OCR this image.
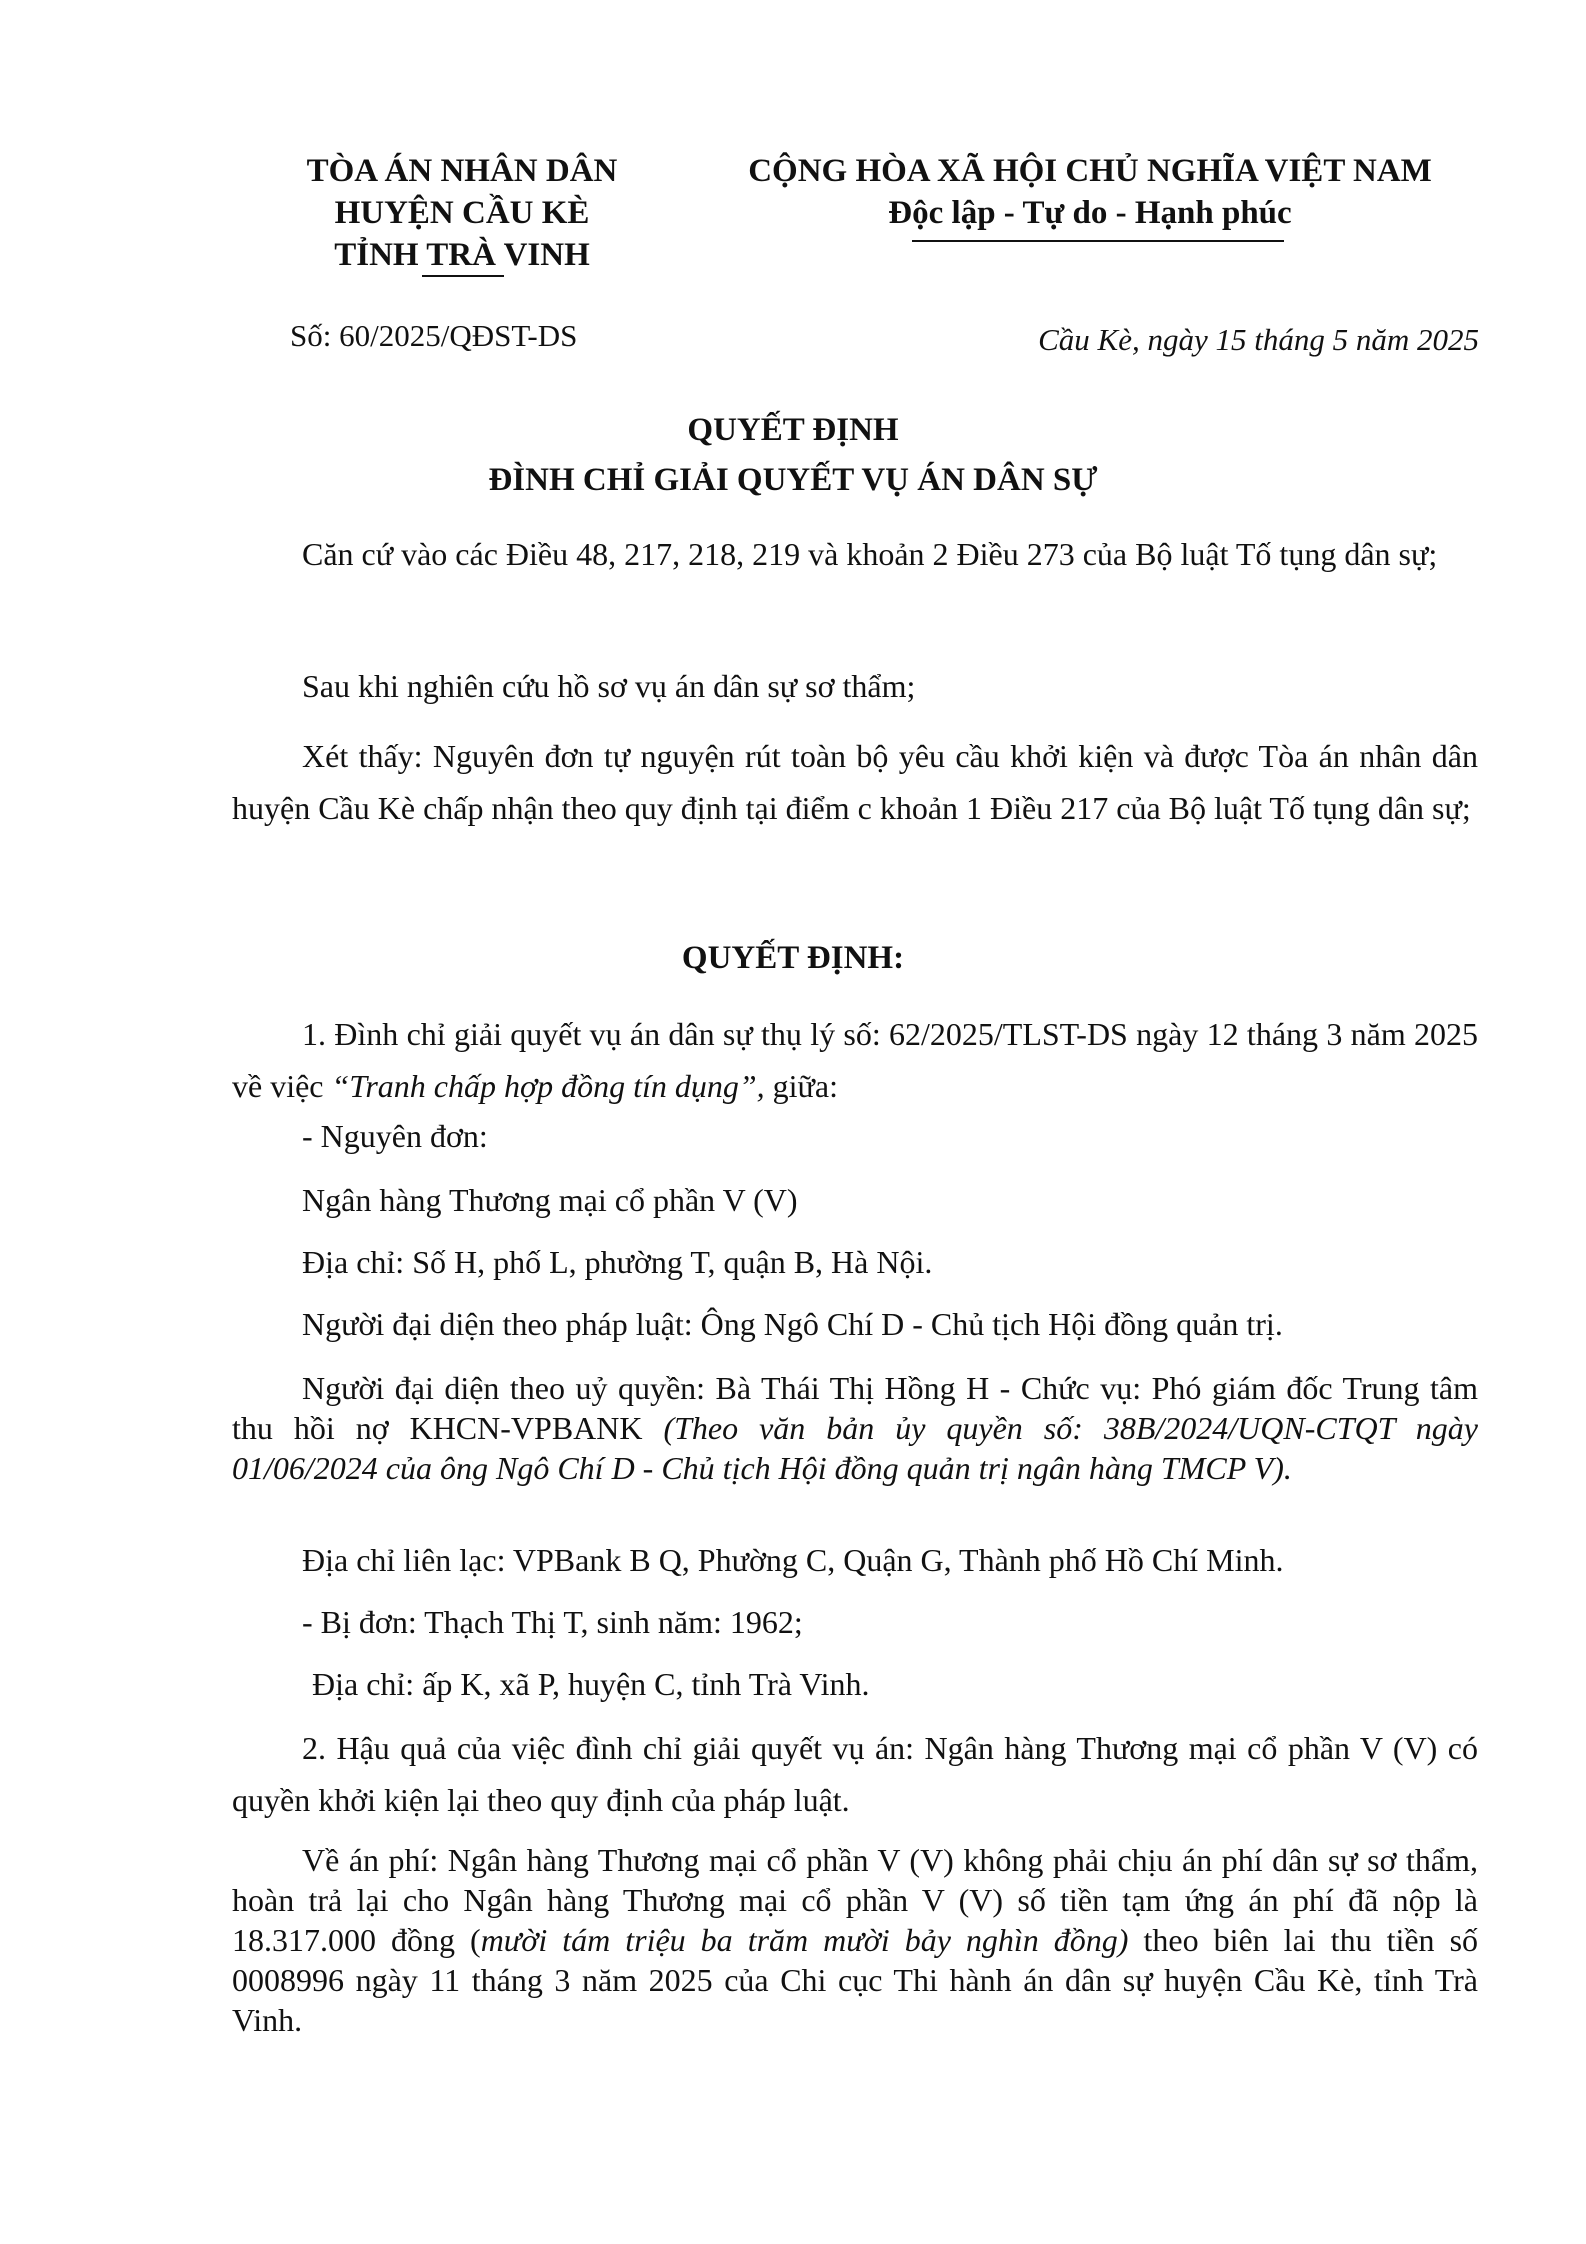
TÒA ÁN NHÂN DÂN
HUYỆN CẦU KÈ
TỈNH TRÀ VINH
CỘNG HÒA XÃ HỘI CHỦ NGHĨA VIỆT NAM
Độc lập - Tự do - Hạnh phúc
Số: 60/2025/QĐST-DS	Cầu Kè, ngày 15 tháng 5 năm 2025
QUYẾT ĐỊNH
ĐÌNH CHỈ GIẢI QUYẾT VỤ ÁN DÂN SỰ
Căn cứ vào các Điều 48, 217, 218, 219 và khoản 2 Điều 273 của Bộ luật Tố tụng dân sự;
Sau khi nghiên cứu hồ sơ vụ án dân sự sơ thẩm;
Xét thấy: Nguyên đơn tự nguyện rút toàn bộ yêu cầu khởi kiện và được Tòa án nhân dân huyện Cầu Kè chấp nhận theo quy định tại điểm c khoản 1 Điều 217 của Bộ luật Tố tụng dân sự;
QUYẾT ĐỊNH:
1. Đình chỉ giải quyết vụ án dân sự thụ lý số: 62/2025/TLST-DS ngày 12 tháng 3 năm 2025 về việc “Tranh chấp hợp đồng tín dụng”, giữa:
- Nguyên đơn:
Ngân hàng Thương mại cổ phần V (V)
Địa chỉ: Số H, phố L, phường T, quận B, Hà Nội.
Người đại diện theo pháp luật: Ông Ngô Chí D - Chủ tịch Hội đồng quản trị.
Người đại diện theo uỷ quyền: Bà Thái Thị Hồng H - Chức vụ: Phó giám đốc Trung tâm thu hồi nợ KHCN-VPBANK (Theo văn bản ủy quyền số: 38B/2024/UQN-CTQT ngày 01/06/2024 của ông Ngô Chí D - Chủ tịch Hội đồng quản trị ngân hàng TMCP V).
Địa chỉ liên lạc: VPBank B Q, Phường C, Quận G, Thành phố Hồ Chí Minh.
- Bị đơn: Thạch Thị T, sinh năm: 1962;
Địa chỉ: ấp K, xã P, huyện C, tỉnh Trà Vinh.
2. Hậu quả của việc đình chỉ giải quyết vụ án: Ngân hàng Thương mại cổ phần V (V) có quyền khởi kiện lại theo quy định của pháp luật.
Về án phí: Ngân hàng Thương mại cổ phần V (V) không phải chịu án phí dân sự sơ thẩm, hoàn trả lại cho Ngân hàng Thương mại cổ phần V (V) số tiền tạm ứng án phí đã nộp là 18.317.000 đồng (mười tám triệu ba trăm mười bảy nghìn đồng) theo biên lai thu tiền số 0008996 ngày 11 tháng 3 năm 2025 của Chi cục Thi hành án dân sự huyện Cầu Kè, tỉnh Trà Vinh.
